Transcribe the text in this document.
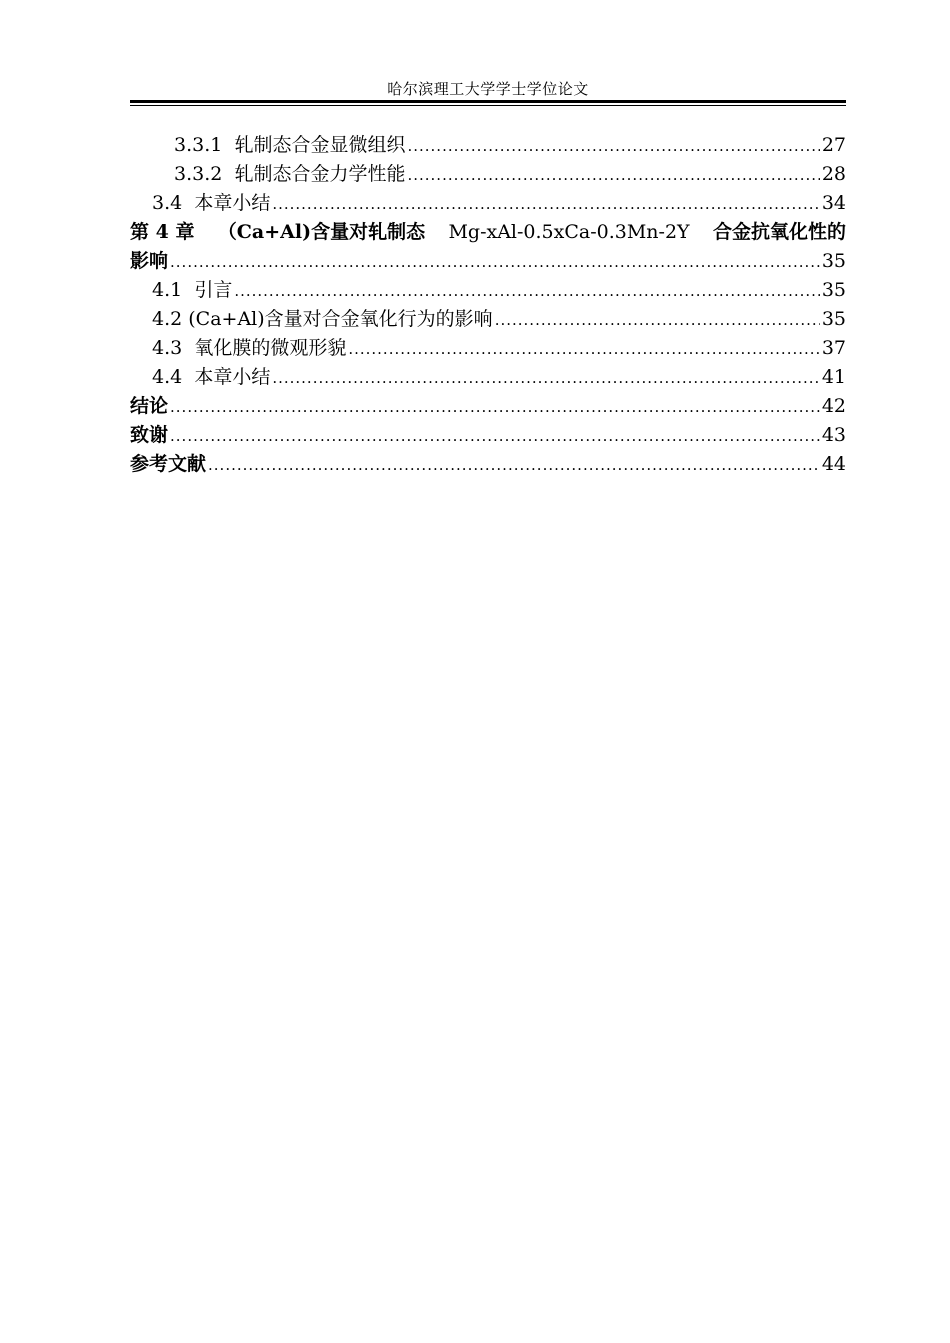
哈尔滨理工大学学士学位论文
3.3.1 轧制态合金显微组织 .....	27
3.3.2 轧制态合金力学性能 .....	28
3.4 本章小结 .....	34
第 4 章 （Ca+Al)含量对轧制态 Mg-xAl-0.5xCa-0.3Mn-2Y 合金抗氧化性的
影响 .....	35
4.1 引言 .....	35
4.2 (Ca+Al)含量对合金氧化行为的影响 .....	35
4.3 氧化膜的微观形貌 .....	37
4.4 本章小结 .....	41
结论 .....	42
致谢 .....	43
参考文献 .....	44
